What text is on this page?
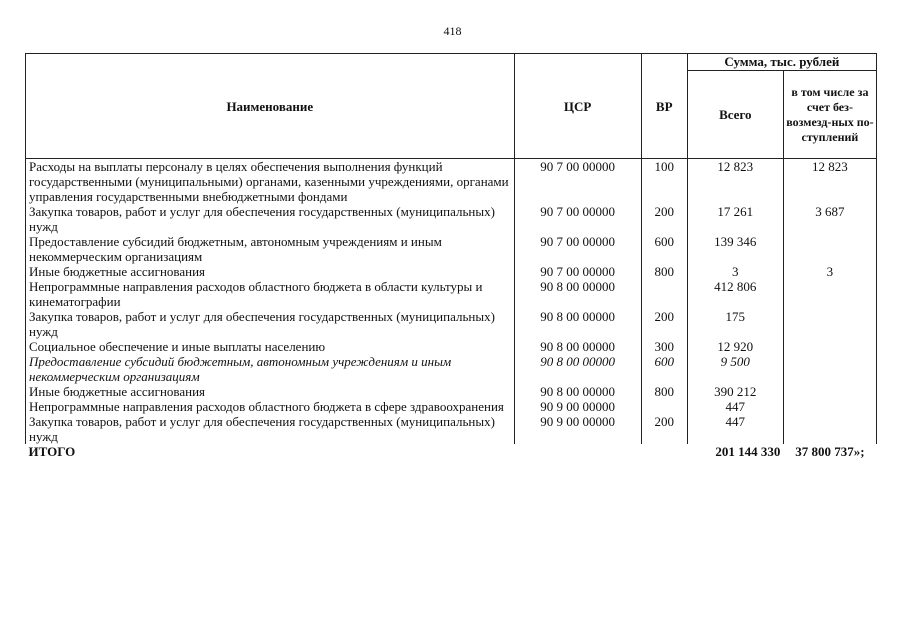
418
Наименование	ЦСР	ВР	Сумма, тыс. рублей	
			Всего	в том числе за счет без-возмезд-ных по-ступлений
Расходы на выплаты персоналу в целях обеспечения выполнения функций государственными (муниципальными) органами, казенными учреждениями, органами управления государственными внебюджетными фондами	90 7 00 00000	100	12 823	12 823
Закупка товаров, работ и услуг для обеспечения государственных (муниципальных) нужд	90 7 00 00000	200	17 261	3 687
Предоставление субсидий бюджетным, автономным учреждениям и иным некоммерческим организациям	90 7 00 00000	600	139 346	
Иные бюджетные ассигнования	90 7 00 00000	800	3	3
Непрограммные направления расходов областного бюджета в области культуры и кинематографии	90 8 00 00000		412 806	
Закупка товаров, работ и услуг для обеспечения государственных (муниципальных) нужд	90 8 00 00000	200	175	
Социальное обеспечение и иные выплаты населению	90 8 00 00000	300	12 920	
Предоставление субсидий бюджетным, автономным учреждениям и иным некоммерческим организациям	90 8 00 00000	600	9 500	
Иные бюджетные ассигнования	90 8 00 00000	800	390 212	
Непрограммные направления расходов областного бюджета в сфере здравоохранения	90 9 00 00000		447	
Закупка товаров, работ и услуг для обеспечения государственных (муниципальных) нужд	90 9 00 00000	200	447	
ИТОГО			201 144 330	37 800 737»;
